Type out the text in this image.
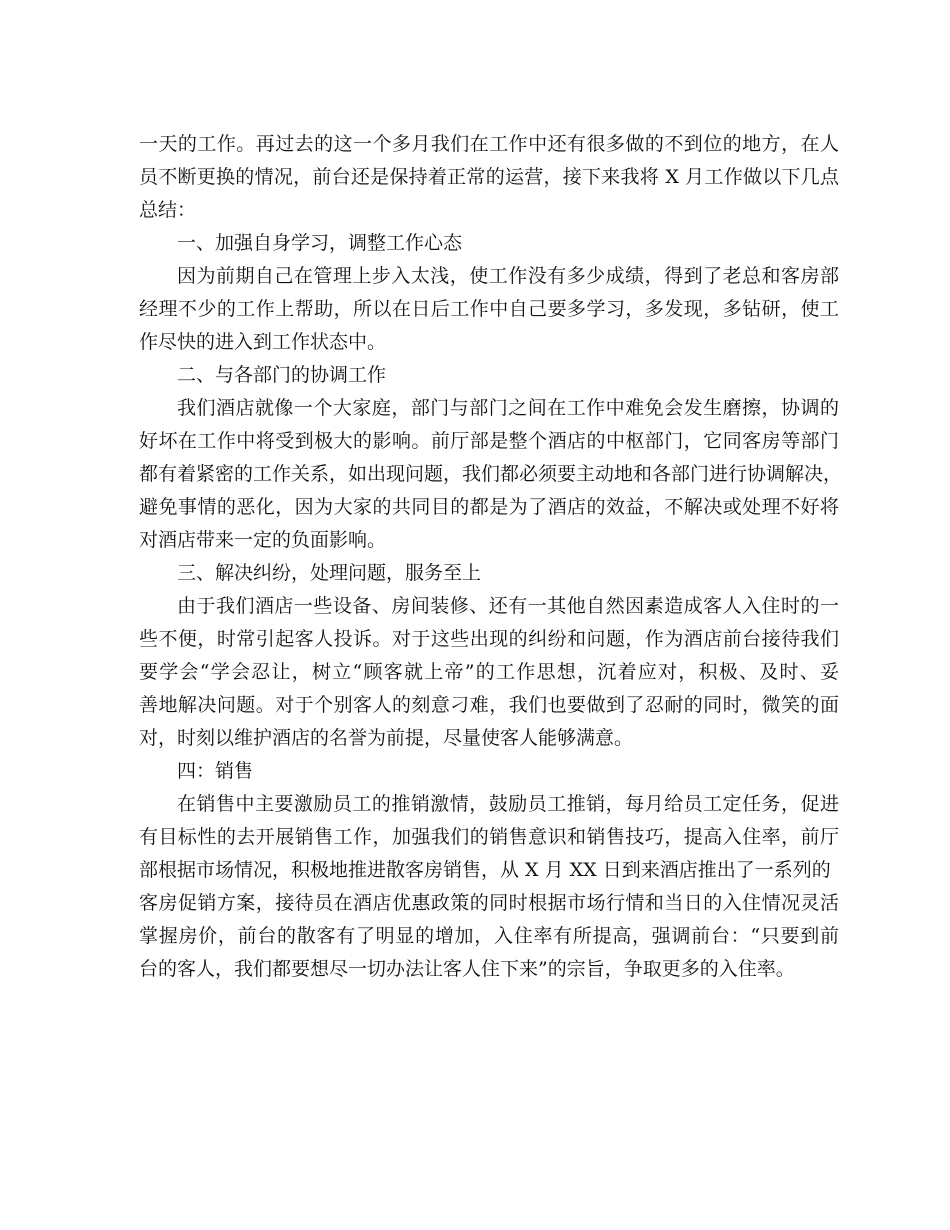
一天的工作。再过去的这一个多月我们在工作中还有很多做的不到位的地方，在人
员不断更换的情况，前台还是保持着正常的运营，接下来我将 X 月工作做以下几点
总结：
一、加强自身学习，调整工作心态
因为前期自己在管理上步入太浅，使工作没有多少成绩，得到了老总和客房部
经理不少的工作上帮助，所以在日后工作中自己要多学习，多发现，多钻研，使工
作尽快的进入到工作状态中。
二、与各部门的协调工作
我们酒店就像一个大家庭，部门与部门之间在工作中难免会发生磨擦，协调的
好坏在工作中将受到极大的影响。前厅部是整个酒店的中枢部门，它同客房等部门
都有着紧密的工作关系，如出现问题，我们都必须要主动地和各部门进行协调解决，
避免事情的恶化，因为大家的共同目的都是为了酒店的效益，不解决或处理不好将
对酒店带来一定的负面影响。
三、解决纠纷，处理问题，服务至上
由于我们酒店一些设备、房间装修、还有一其他自然因素造成客人入住时的一
些不便，时常引起客人投诉。对于这些出现的纠纷和问题，作为酒店前台接待我们
要学会“学会忍让，树立“顾客就上帝”的工作思想，沉着应对，积极、及时、妥
善地解决问题。对于个别客人的刻意刁难，我们也要做到了忍耐的同时，微笑的面
对，时刻以维护酒店的名誉为前提，尽量使客人能够满意。
四：销售
在销售中主要激励员工的推销激情，鼓励员工推销，每月给员工定任务，促进
有目标性的去开展销售工作，加强我们的销售意识和销售技巧，提高入住率，前厅
部根据市场情况，积极地推进散客房销售，从 X 月 XX 日到来酒店推出了一系列的
客房促销方案，接待员在酒店优惠政策的同时根据市场行情和当日的入住情况灵活
掌握房价，前台的散客有了明显的增加，入住率有所提高，强调前台：“只要到前
台的客人，我们都要想尽一切办法让客人住下来”的宗旨，争取更多的入住率。
